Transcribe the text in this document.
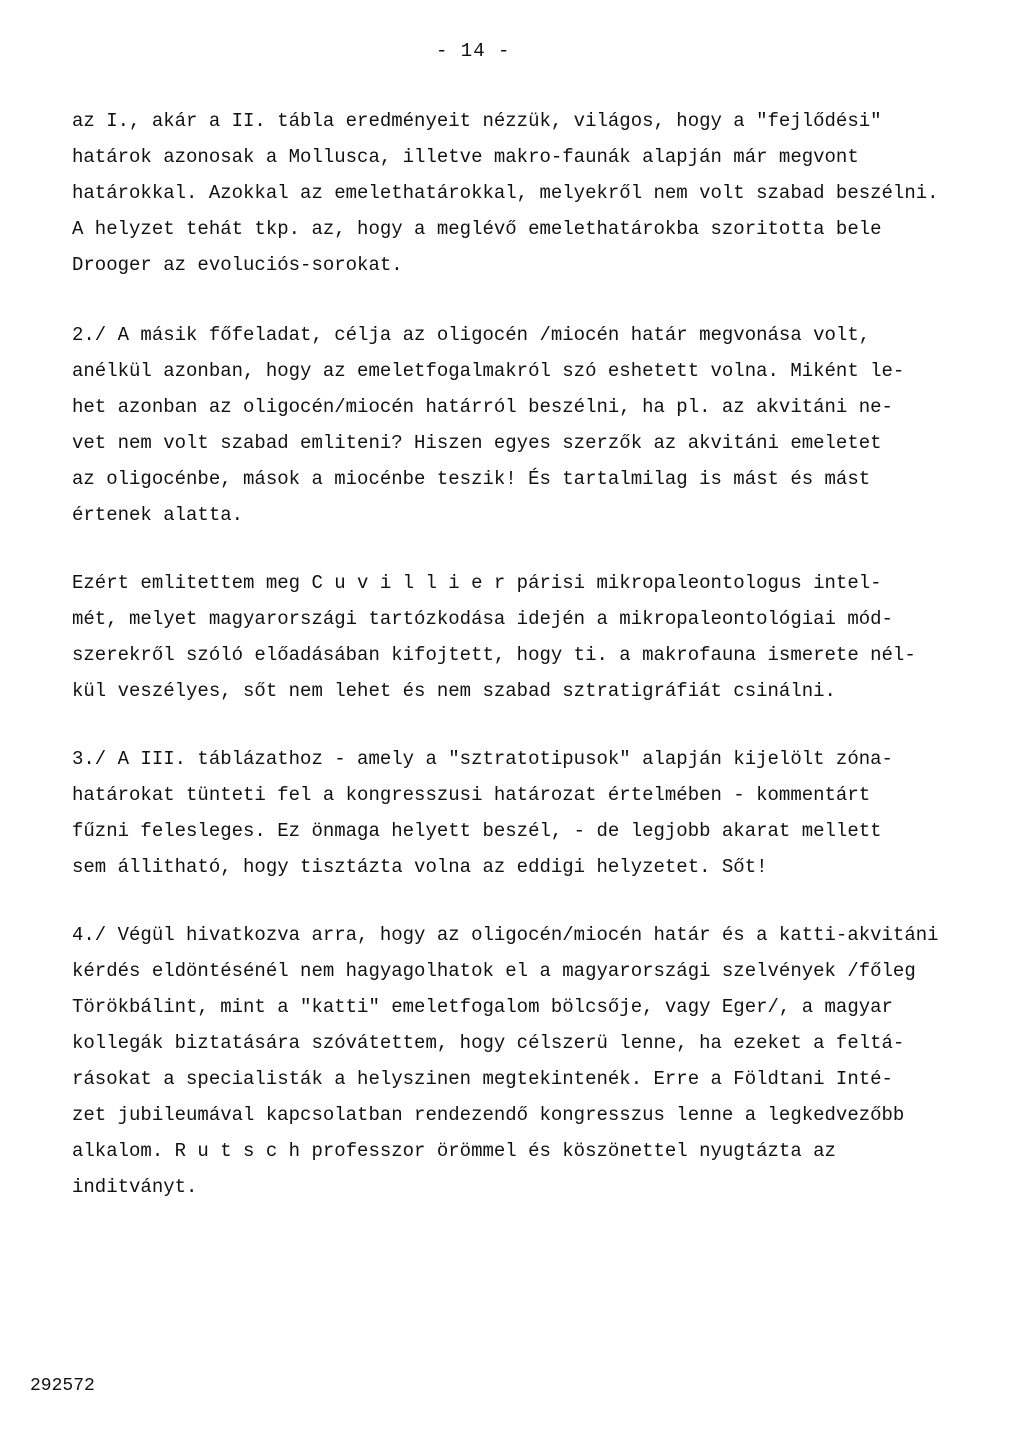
- 14 -
az I., akár a II. tábla eredményeit nézzük, világos, hogy a "fejlődési"
határok azonosak a Mollusca, illetve makro-faunák alapján már megvont
határokkal. Azokkal az emelethatárokkal, melyekről nem volt szabad beszélni.
A helyzet tehát tkp. az, hogy a meglévő emelethatárokba szoritotta bele
Drooger az evoluciós-sorokat.
2./ A másik főfeladat, célja az oligocén /miocén határ megvonása volt,
anélkül azonban, hogy az emeletfogalmakról szó eshetett volna. Miként le-
het azonban az oligocén/miocén határról beszélni, ha pl. az akvitáni ne-
vet nem volt szabad emliteni? Hiszen egyes szerzők az akvitáni emeletet
az oligocénbe, mások a miocénbe teszik! És tartalmilag is mást és mást
értenek alatta.
Ezért emlitettem meg C u v i l l i e r párisi mikropaleontologus intel-
mét, melyet magyarországi tartózkodása idején a mikropaleontológiai mód-
szerekről szóló előadásában kifojtett, hogy ti. a makrofauna ismerete nél-
kül veszélyes, sőt nem lehet és nem szabad sztratigráfiát csinálni.
3./ A III. táblázathoz - amely a "sztratotipusok" alapján kijelölt zóna-
határokat tünteti fel a kongresszusi határozat értelmében - kommentárt
fűzni felesleges. Ez önmaga helyett beszél, - de legjobb akarat mellett
sem állitható, hogy tisztázta volna az eddigi helyzetet. Sőt!
4./ Végül hivatkozva arra, hogy az oligocén/miocén határ és a katti-akvitáni
kérdés eldöntésénél nem hagyagolhatok el a magyarországi szelvények /főleg
Törökbálint, mint a "katti" emeletfogalom bölcsője, vagy Eger/, a magyar
kollegák biztatására szóvátettem, hogy célszerü lenne, ha ezeket a feltá-
rásokat a specialisták a helyszinen megtekintenék. Erre a Földtani Inté-
zet jubileumával kapcsolatban rendezendő kongresszus lenne a legkedvezőbb
alkalom. R u t s c h professzor örömmel és köszönettel nyugtázta az
inditványt.
292572
